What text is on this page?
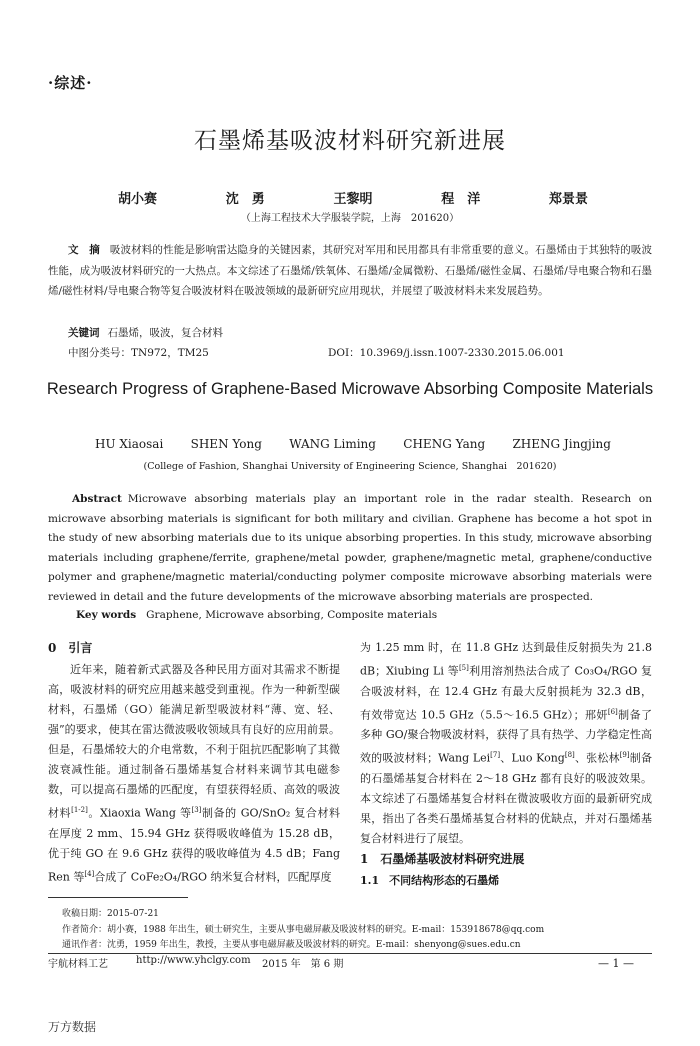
·综述·
石墨烯基吸波材料研究新进展
胡小赛	沈　勇	王黎明	程　洋	郑景景
（上海工程技术大学服装学院，上海　201620）
文　摘 吸波材料的性能是影响雷达隐身的关键因素，其研究对军用和民用都具有非常重要的意义。石墨烯由于其独特的吸波性能，成为吸波材料研究的一大热点。本文综述了石墨烯/铁氧体、石墨烯/金属微粉、石墨烯/磁性金属、石墨烯/导电聚合物和石墨烯/磁性材料/导电聚合物等复合吸波材料在吸波领域的最新研究应用现状，并展望了吸波材料未来发展趋势。
关键词 石墨烯，吸波，复合材料
中图分类号：TN972，TM25	DOI：10.3969/j.issn.1007-2330.2015.06.001
Research Progress of Graphene-Based Microwave Absorbing Composite Materials
HU Xiaosai SHEN Yong WANG Liming CHENG Yang ZHENG Jingjing
(College of Fashion, Shanghai University of Engineering Science, Shanghai　201620)
Abstract Microwave absorbing materials play an important role in the radar stealth. Research on microwave absorbing materials is significant for both military and civilian. Graphene has become a hot spot in the study of new absorbing materials due to its unique absorbing properties. In this study, microwave absorbing materials including graphene/ferrite, graphene/metal powder, graphene/magnetic metal, graphene/conductive polymer and graphene/magnetic material/conducting polymer composite microwave absorbing materials were reviewed in detail and the future developments of the microwave absorbing materials are prospected.
Key words Graphene, Microwave absorbing, Composite materials
0 引言

近年来，随着新式武器及各种民用方面对其需求不断提高，吸波材料的研究应用越来越受到重视。作为一种新型碳材料，石墨烯（GO）能满足新型吸波材料“薄、宽、轻、强”的要求，使其在雷达微波吸收领域具有良好的应用前景。但是，石墨烯较大的介电常数，不利于阻抗匹配影响了其微波衰减性能。通过制备石墨烯基复合材料来调节其电磁参数，可以提高石墨烯的匹配度，有望获得轻质、高效的吸波材料[1-2]。Xiaoxia Wang 等[3]制备的 GO/SnO₂ 复合材料在厚度 2 mm、15.94 GHz 获得吸收峰值为 15.28 dB，优于纯 GO 在 9.6 GHz 获得的吸收峰值为 4.5 dB；Fang Ren 等[4]合成了 CoFe₂O₄/RGO 纳米复合材料，匹配厚度

为 1.25 mm 时，在 11.8 GHz 达到最佳反射损失为 21.8 dB；Xiubing Li 等[5]利用溶剂热法合成了 Co₃O₄/RGO 复合吸波材料，在 12.4 GHz 有最大反射损耗为 32.3 dB，有效带宽达 10.5 GHz（5.5～16.5 GHz）；邢妍[6]制备了多种 GO/聚合物吸波材料，获得了具有热学、力学稳定性高效的吸波材料；Wang Lei[7]、Luo Kong[8]、张松林[9]制备的石墨烯基复合材料在 2～18 GHz 都有良好的吸波效果。本文综述了石墨烯基复合材料在微波吸收方面的最新研究成果，指出了各类石墨烯基复合材料的优缺点，并对石墨烯基复合材料进行了展望。

1 石墨烯基吸波材料研究进展
1.1 不同结构形态的石墨烯
收稿日期：2015-07-21
作者简介：胡小赛，1988 年出生，硕士研究生，主要从事电磁屏蔽及吸波材料的研究。E-mail：153918678@qq.com
通讯作者：沈勇，1959 年出生，教授，主要从事电磁屏蔽及吸波材料的研究。E-mail：shenyong@sues.edu.cn
宇航材料工艺	http://www.yhclgy.com 2015 年　第 6 期	— 1 —
万方数据
